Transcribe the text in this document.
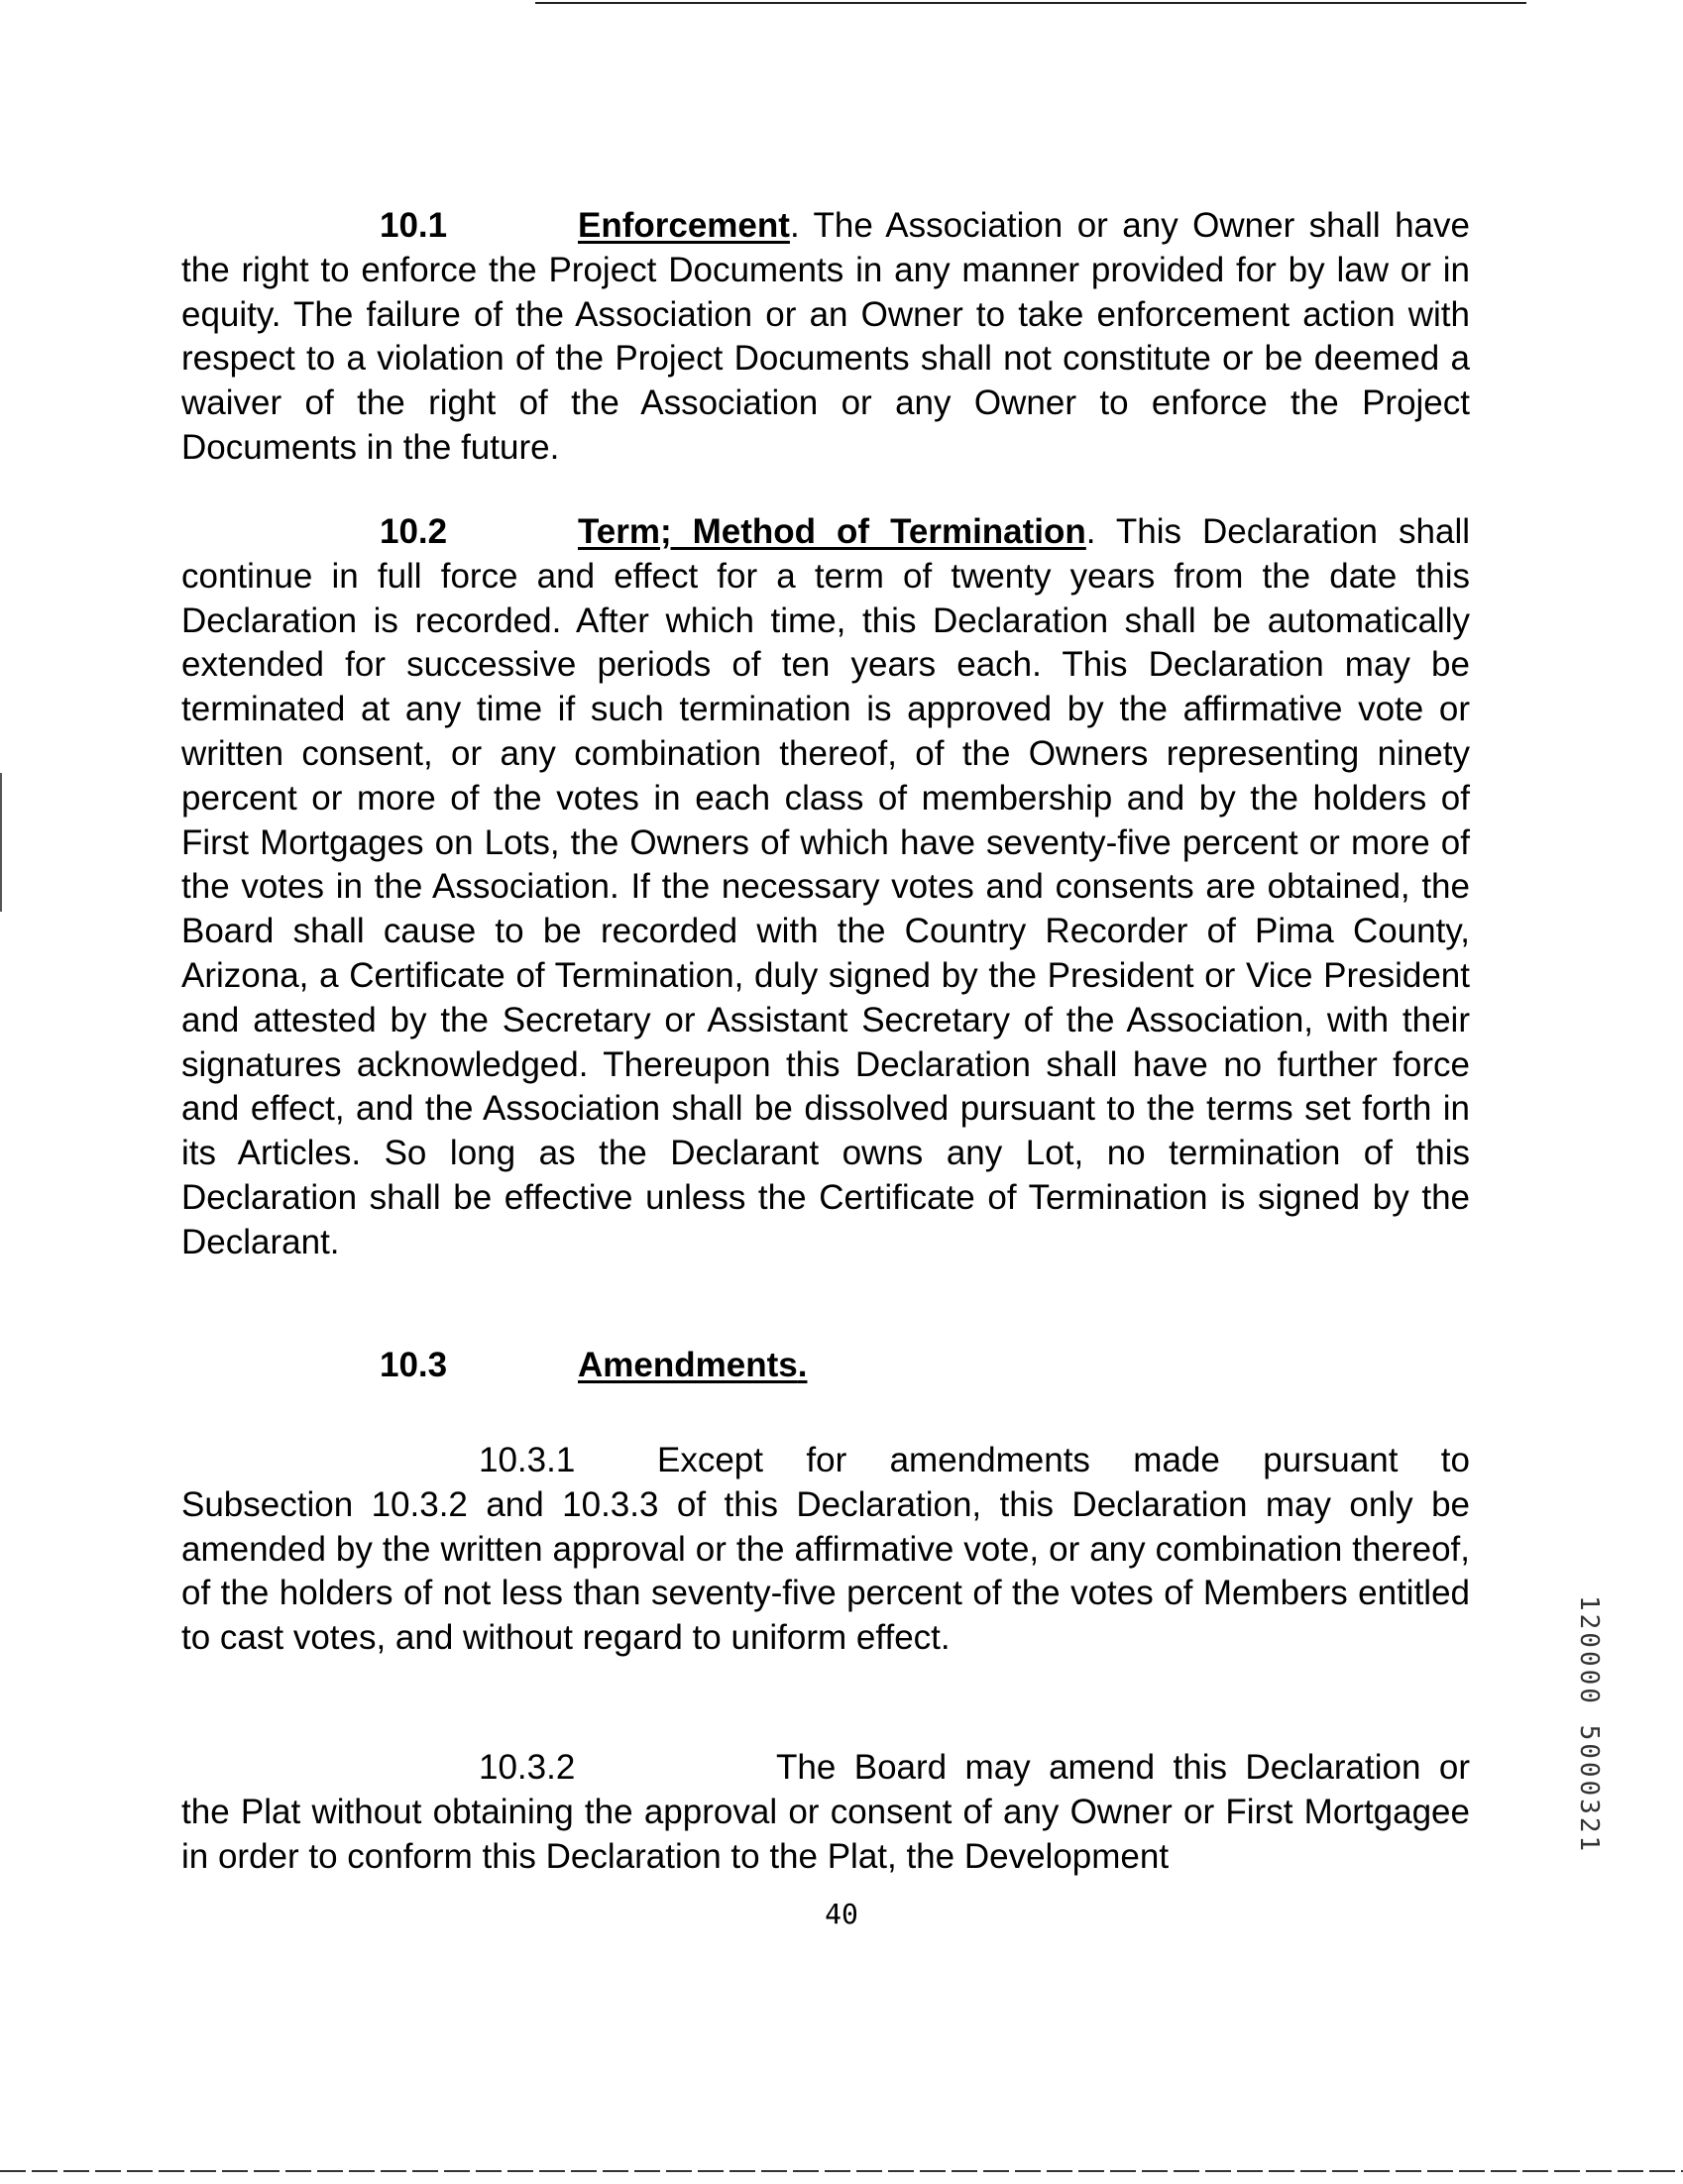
10.1	Enforcement. The Association or any Owner shall have the right to enforce the Project Documents in any manner provided for by law or in equity. The failure of the Association or an Owner to take enforcement action with respect to a violation of the Project Documents shall not constitute or be deemed a waiver of the right of the Association or any Owner to enforce the Project Documents in the future.

10.2	Term; Method of Termination. This Declaration shall continue in full force and effect for a term of twenty years from the date this Declaration is recorded. After which time, this Declaration shall be automatically extended for successive periods of ten years each. This Declaration may be terminated at any time if such termination is approved by the affirmative vote or written consent, or any combination thereof, of the Owners representing ninety percent or more of the votes in each class of membership and by the holders of First Mortgages on Lots, the Owners of which have seventy-five percent or more of the votes in the Association. If the necessary votes and consents are obtained, the Board shall cause to be recorded with the Country Recorder of Pima County, Arizona, a Certificate of Termination, duly signed by the President or Vice President and attested by the Secretary or Assistant Secretary of the Association, with their signatures acknowledged. Thereupon this Declaration shall have no further force and effect, and the Association shall be dissolved pursuant to the terms set forth in its Articles. So long as the Declarant owns any Lot, no termination of this Declaration shall be effective unless the Certificate of Termination is signed by the Declarant.

10.3	Amendments.

10.3.1 Except for amendments made pursuant to Subsection 10.3.2 and 10.3.3 of this Declaration, this Declaration may only be amended by the written approval or the affirmative vote, or any combination thereof, of the holders of not less than seventy-five percent of the votes of Members entitled to cast votes, and without regard to uniform effect.

10.3.2	The Board may amend this Declaration or the Plat without obtaining the approval or consent of any Owner or First Mortgagee in order to conform this Declaration to the Plat, the Development

40
120000 5000321
